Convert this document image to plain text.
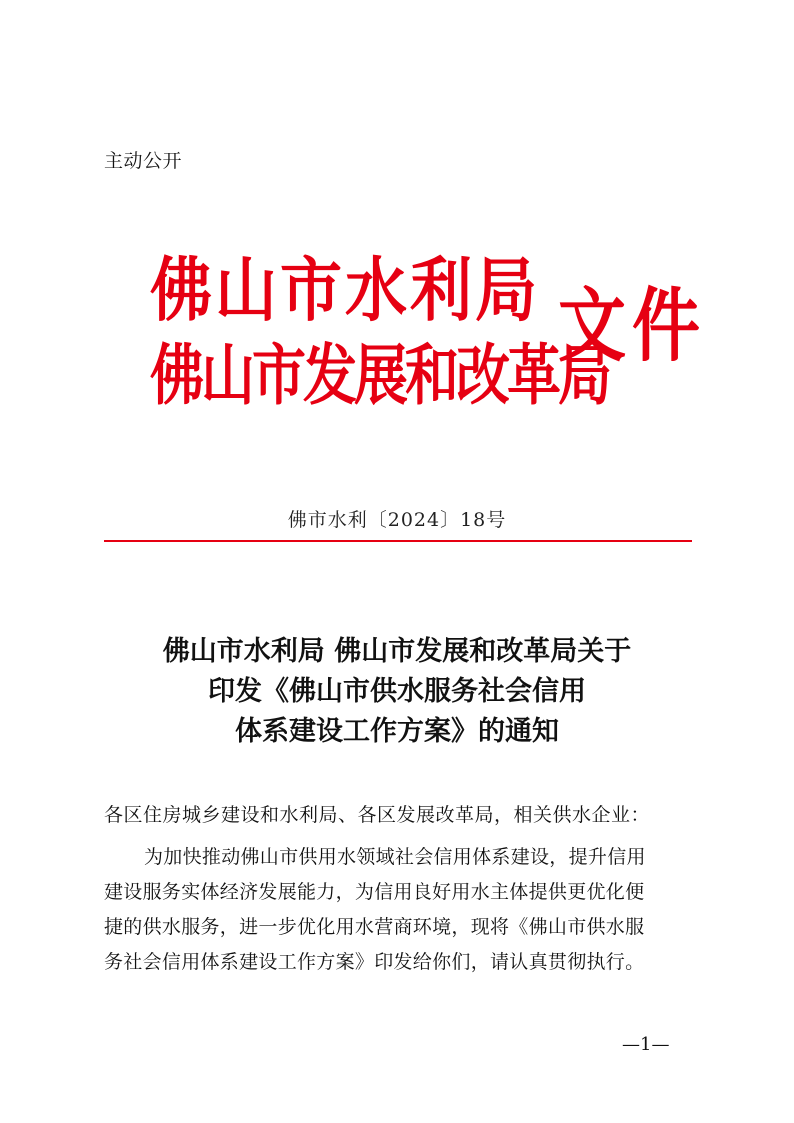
主动公开
佛山市水利局
佛山市发展和改革局
文件
佛市水利〔2024〕18号
佛山市水利局 佛山市发展和改革局关于
印发《佛山市供水服务社会信用
体系建设工作方案》的通知
各区住房城乡建设和水利局、各区发展改革局，相关供水企业：
为加快推动佛山市供用水领域社会信用体系建设，提升信用
建设服务实体经济发展能力，为信用良好用水主体提供更优化便
捷的供水服务，进一步优化用水营商环境，现将《佛山市供水服
务社会信用体系建设工作方案》印发给你们，请认真贯彻执行。
—1—
